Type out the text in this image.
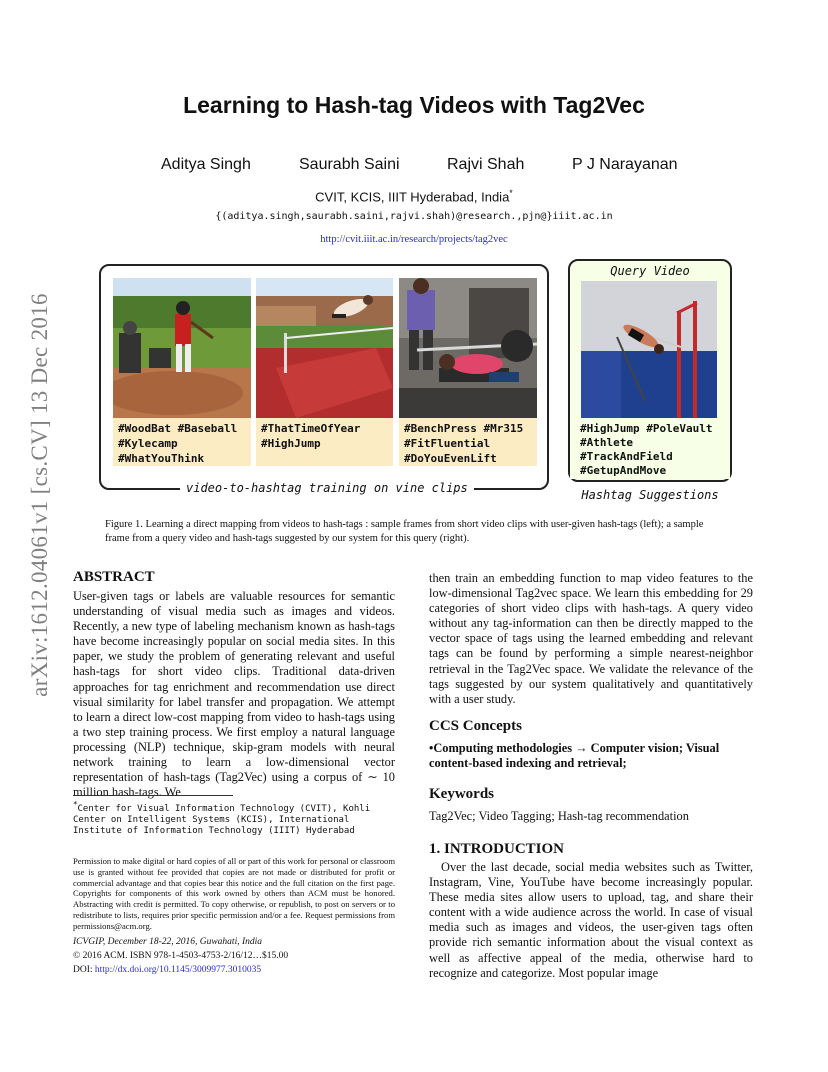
arXiv:1612.04061v1 [cs.CV] 13 Dec 2016
Learning to Hash-tag Videos with Tag2Vec
Aditya Singh	Saurabh Saini	Rajvi Shah	P J Narayanan
CVIT, KCIS, IIIT Hyderabad, India*
{(aditya.singh,saurabh.saini,rajvi.shah)@research.,pjn@}iiit.ac.in
http://cvit.iiit.ac.in/research/projects/tag2vec
#WoodBat #Baseball
#Kylecamp
#WhatYouThink
#ThatTimeOfYear
#HighJump
#BenchPress #Mr315
#FitFluential
#DoYouEvenLift
video-to-hashtag training on vine clips
Query Video
#HighJump #PoleVault
#Athlete
#TrackAndField
#GetupAndMove
Hashtag Suggestions
Figure 1. Learning a direct mapping from videos to hash-tags : sample frames from short video clips with user-given hash-tags (left); a sample frame from a query video and hash-tags suggested by our system for this query (right).
ABSTRACT

User-given tags or labels are valuable resources for semantic understanding of visual media such as images and videos. Recently, a new type of labeling mechanism known as hash-tags have become increasingly popular on social media sites. In this paper, we study the problem of generating relevant and useful hash-tags for short video clips. Traditional data-driven approaches for tag enrichment and recommendation use direct visual similarity for label transfer and propagation. We attempt to learn a direct low-cost mapping from video to hash-tags using a two step training process. We first employ a natural language processing (NLP) technique, skip-gram models with neural network training to learn a low-dimensional vector representation of hash-tags (Tag2Vec) using a corpus of ∼ 10 million hash-tags. We

*Center for Visual Information Technology (CVIT), Kohli Center on Intelligent Systems (KCIS), International Institute of Information Technology (IIIT) Hyderabad
Permission to make digital or hard copies of all or part of this work for personal or classroom use is granted without fee provided that copies are not made or distributed for profit or commercial advantage and that copies bear this notice and the full citation on the first page. Copyrights for components of this work owned by others than ACM must be honored. Abstracting with credit is permitted. To copy otherwise, or republish, to post on servers or to redistribute to lists, requires prior specific permission and/or a fee. Request permissions from permissions@acm.org.
ICVGIP, December 18-22, 2016, Guwahati, India
© 2016 ACM. ISBN 978-1-4503-4753-2/16/12…$15.00
DOI: http://dx.doi.org/10.1145/3009977.3010035

then train an embedding function to map video features to the low-dimensional Tag2vec space. We learn this embedding for 29 categories of short video clips with hash-tags. A query video without any tag-information can then be directly mapped to the vector space of tags using the learned embedding and relevant tags can be found by performing a simple nearest-neighbor retrieval in the Tag2Vec space. We validate the relevance of the tags suggested by our system qualitatively and quantitatively with a user study.

CCS Concepts

•Computing methodologies → Computer vision; Visual content-based indexing and retrieval;

Keywords

Tag2Vec; Video Tagging; Hash-tag recommendation

1. INTRODUCTION

Over the last decade, social media websites such as Twitter, Instagram, Vine, YouTube have become increasingly popular. These media sites allow users to upload, tag, and share their content with a wide audience across the world. In case of visual media such as images and videos, the user-given tags often provide rich semantic information about the visual context as well as affective appeal of the media, otherwise hard to recognize and categorize. Most popular image
